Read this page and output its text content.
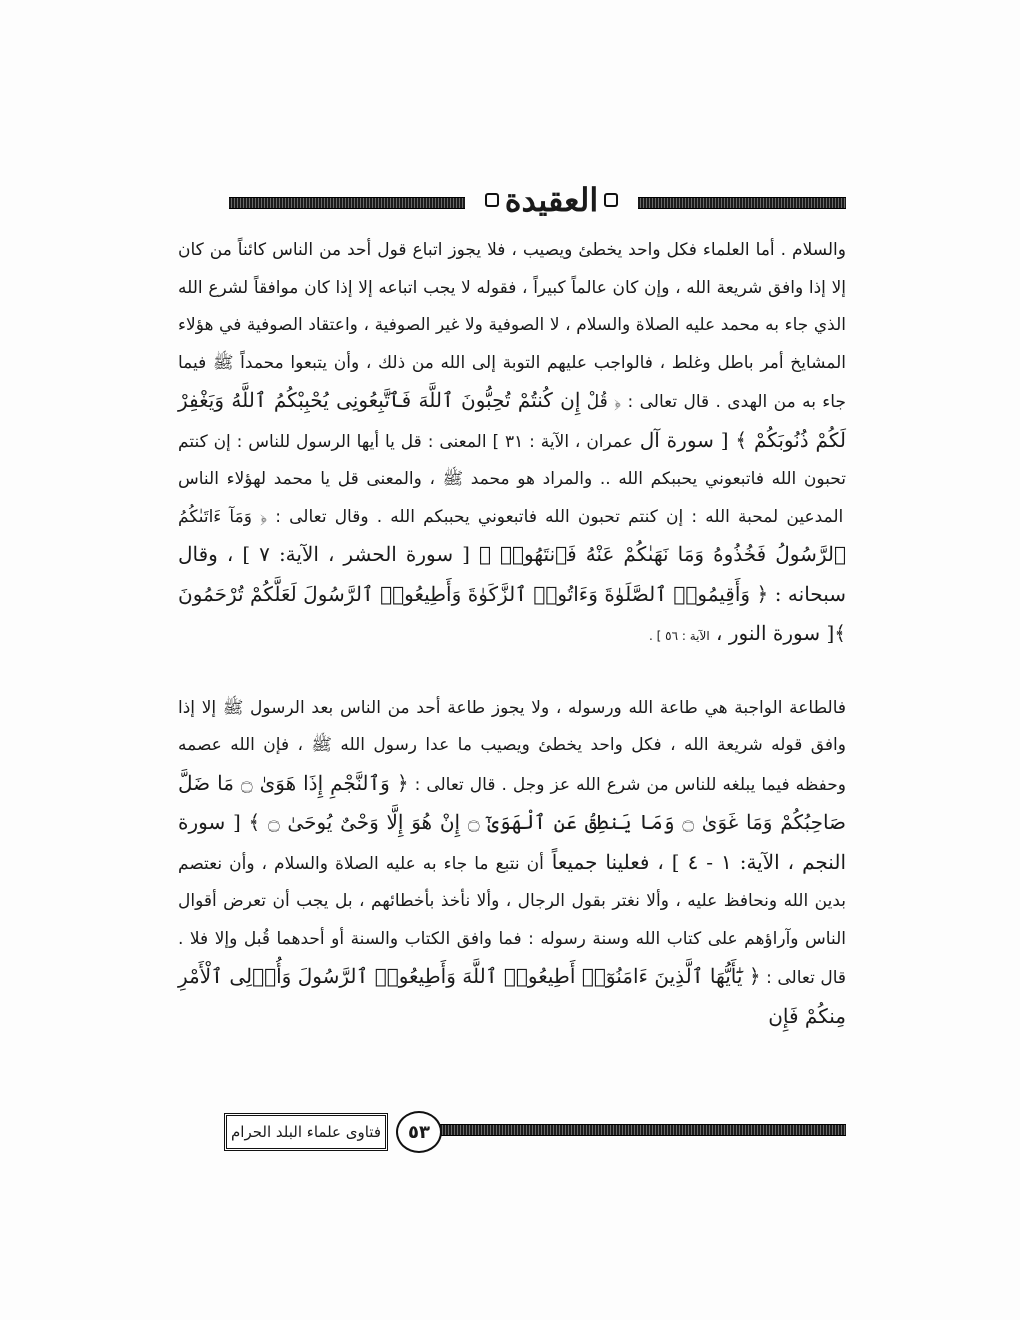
العقيدة

والسلام . أما العلماء فكل واحد يخطئ ويصيب ، فلا يجوز اتباع قول أحد من الناس كائناً من كان إلا إذا وافق شريعة الله ، وإن كان عالماً كبيراً ، فقوله لا يجب اتباعه إلا إذا كان موافقاً لشرع الله الذي جاء به محمد عليه الصلاة والسلام ، لا الصوفية ولا غير الصوفية ، واعتقاد الصوفية في هؤلاء المشايخ أمر باطل وغلط ، فالواجب عليهم التوبة إلى الله من ذلك ، وأن يتبعوا محمداً ﷺ فيما جاء به من الهدى . قال تعالى : ﴿ قُلْ إِن كُنتُمْ تُحِبُّونَ ٱللَّهَ فَٱتَّبِعُونِى يُحْبِبْكُمُ ٱللَّهُ وَيَغْفِرْ لَكُمْ ذُنُوبَكُمْ ﴾ [ سورة آل عمران ، الآية : ٣١ ] المعنى : قل يا أيها الرسول للناس : إن كنتم تحبون الله فاتبعوني يحببكم الله .. والمراد هو محمد ﷺ ، والمعنى قل يا محمد لهؤلاء الناس المدعين لمحبة الله : إن كنتم تحبون الله فاتبعوني يحببكم الله . وقال تعالى : ﴿ وَمَآ ءَاتَىٰكُمُ ٱلرَّسُولُ فَخُذُوهُ وَمَا نَهَىٰكُمْ عَنْهُ فَٱنتَهُوا۟ ﴾ [ سورة الحشر ، الآية: ٧ ] ، وقال سبحانه : ﴿ وَأَقِيمُوا۟ ٱلصَّلَوٰةَ وَءَاتُوا۟ ٱلزَّكَوٰةَ وَأَطِيعُوا۟ ٱلرَّسُولَ لَعَلَّكُمْ تُرْحَمُونَ ﴾[ سورة النور ، الآية : ٥٦ ] .

فالطاعة الواجبة هي طاعة الله ورسوله ، ولا يجوز طاعة أحد من الناس بعد الرسول ﷺ إلا إذا وافق قوله شريعة الله ، فكل واحد يخطئ ويصيب ما عدا رسول الله ﷺ ، فإن الله عصمه وحفظه فيما يبلغه للناس من شرع الله عز وجل . قال تعالى : ﴿ وَٱلنَّجْمِ إِذَا هَوَىٰ ۝ مَا ضَلَّ صَاحِبُكُمْ وَمَا غَوَىٰ ۝ وَمَا يَنطِقُ عَنِ ٱلْهَوَىٰٓ ۝ إِنْ هُوَ إِلَّا وَحْىٌ يُوحَىٰ ۝ ﴾ [ سورة النجم ، الآية: ١ - ٤ ] ، فعلينا جميعاً أن نتبع ما جاء به عليه الصلاة والسلام ، وأن نعتصم بدين الله ونحافظ عليه ، وألا نغتر بقول الرجال ، وألا نأخذ بأخطائهم ، بل يجب أن تعرض أقوال الناس وآراؤهم على كتاب الله وسنة رسوله : فما وافق الكتاب والسنة أو أحدهما قُبل وإلا فلا . قال تعالى : ﴿ يَٰٓأَيُّهَا ٱلَّذِينَ ءَامَنُوٓا۟ أَطِيعُوا۟ ٱللَّهَ وَأَطِيعُوا۟ ٱلرَّسُولَ وَأُو۟لِى ٱلْأَمْرِ مِنكُمْ فَإِن

٥٣
فتاوى علماء البلد الحرام
